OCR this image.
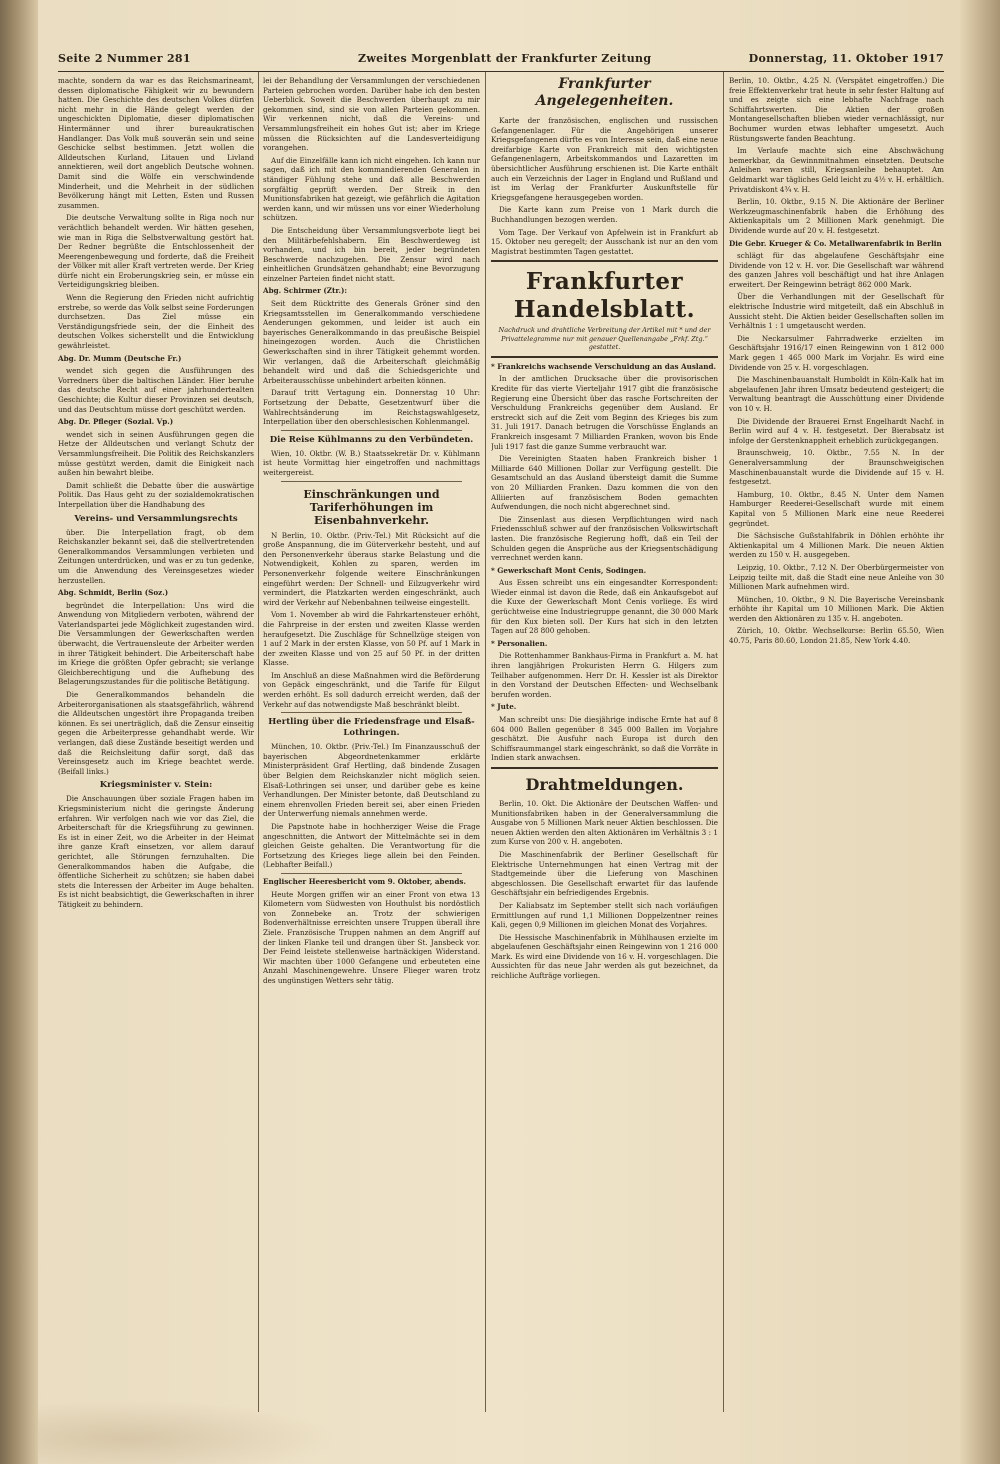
Seite 2 Nummer 281	Zweites Morgenblatt der Frankfurter Zeitung	Donnerstag, 11. Oktober 1917

machte, sondern da war es das Reichsmarineamt, dessen diplomatische Fähigkeit wir zu bewundern hatten. Die Geschichte des deutschen Volkes dürfen nicht mehr in die Hände gelegt werden der ungeschickten Diplomatie, dieser diplomatischen Hintermänner und ihrer bureaukratischen Handlanger. Das Volk muß souverän sein und seine Geschicke selbst bestimmen. Jetzt wollen die Alldeutschen Kurland, Litauen und Livland annektieren, weil dort angeblich Deutsche wohnen. Damit sind die Wölfe ein verschwindende Minderheit, und die Mehrheit in der südlichen Bevölkerung hängt mit Letten, Esten und Russen zusammen.

Die deutsche Verwaltung sollte in Riga noch nur verächtlich behandelt werden. Wir hätten gesehen, wie man in Riga die Selbstverwaltung gestört hat. Der Redner begrüßte die Entschlossenheit der Meerengenbewegung und forderte, daß die Freiheit der Völker mit aller Kraft vertreten werde. Der Krieg dürfe nicht ein Eroberungskrieg sein, er müsse ein Verteidigungskrieg bleiben.

Wenn die Regierung den Frieden nicht aufrichtig erstrebe, so werde das Volk selbst seine Forderungen durchsetzen. Das Ziel müsse ein Verständigungsfriede sein, der die Einheit des deutschen Volkes sicherstellt und die Entwicklung gewährleistet.

Abg. Dr. Mumm (Deutsche Fr.)

wendet sich gegen die Ausführungen des Vorredners über die baltischen Länder. Hier beruhe das deutsche Recht auf einer jahrhundertealten Geschichte; die Kultur dieser Provinzen sei deutsch, und das Deutschtum müsse dort geschützt werden.

Abg. Dr. Pfleger (Sozial. Vp.)

wendet sich in seinen Ausführungen gegen die Hetze der Alldeutschen und verlangt Schutz der Versammlungsfreiheit. Die Politik des Reichskanzlers müsse gestützt werden, damit die Einigkeit nach außen hin bewahrt bleibe.

Damit schließt die Debatte über die auswärtige Politik. Das Haus geht zu der sozialdemokratischen Interpellation über die Handhabung des

Vereins- und Versammlungsrechts

über. Die Interpellation fragt, ob dem Reichskanzler bekannt sei, daß die stellvertretenden Generalkommandos Versammlungen verbieten und Zeitungen unterdrücken, und was er zu tun gedenke, um die Anwendung des Vereinsgesetzes wieder herzustellen.

Abg. Schmidt, Berlin (Soz.)

begründet die Interpellation: Uns wird die Anwendung von Mitgliedern verboten, während der Vaterlandspartei jede Möglichkeit zugestanden wird. Die Versammlungen der Gewerkschaften werden überwacht, die Vertrauensleute der Arbeiter werden in ihrer Tätigkeit behindert. Die Arbeiterschaft habe im Kriege die größten Opfer gebracht; sie verlange Gleichberechtigung und die Aufhebung des Belagerungszustandes für die politische Betätigung.

Die Generalkommandos behandeln die Arbeiterorganisationen als staatsgefährlich, während die Alldeutschen ungestört ihre Propaganda treiben können. Es sei unerträglich, daß die Zensur einseitig gegen die Arbeiterpresse gehandhabt werde. Wir verlangen, daß diese Zustände beseitigt werden und daß die Reichsleitung dafür sorgt, daß das Vereinsgesetz auch im Kriege beachtet werde. (Beifall links.)

Kriegsminister v. Stein:

Die Anschauungen über soziale Fragen haben im Kriegsministerium nicht die geringste Änderung erfahren. Wir verfolgen nach wie vor das Ziel, die Arbeiterschaft für die Kriegsführung zu gewinnen. Es ist in einer Zeit, wo die Arbeiter in der Heimat ihre ganze Kraft einsetzen, vor allem darauf gerichtet, alle Störungen fernzuhalten. Die Generalkommandos haben die Aufgabe, die öffentliche Sicherheit zu schützen; sie haben dabei stets die Interessen der Arbeiter im Auge behalten. Es ist nicht beabsichtigt, die Gewerkschaften in ihrer Tätigkeit zu behindern.

lei der Behandlung der Versammlungen der verschiedenen Parteien gebrochen worden. Darüber habe ich den besten Ueberblick. Soweit die Beschwerden überhaupt zu mir gekommen sind, sind sie von allen Parteien gekommen. Wir verkennen nicht, daß die Vereins- und Versammlungsfreiheit ein hohes Gut ist; aber im Kriege müssen die Rücksichten auf die Landesverteidigung vorangehen.

Auf die Einzelfälle kann ich nicht eingehen. Ich kann nur sagen, daß ich mit den kommandierenden Generalen in ständiger Fühlung stehe und daß alle Beschwerden sorgfältig geprüft werden. Der Streik in den Munitionsfabriken hat gezeigt, wie gefährlich die Agitation werden kann, und wir müssen uns vor einer Wiederholung schützen.

Die Entscheidung über Versammlungsverbote liegt bei den Militärbefehlshabern. Ein Beschwerdeweg ist vorhanden, und ich bin bereit, jeder begründeten Beschwerde nachzugehen. Die Zensur wird nach einheitlichen Grundsätzen gehandhabt; eine Bevorzugung einzelner Parteien findet nicht statt.

Abg. Schirmer (Ztr.):

Seit dem Rücktritte des Generals Gröner sind den Kriegsamtsstellen im Generalkommando verschiedene Aenderungen gekommen, und leider ist auch ein bayerisches Generalkommando in das preußische Beispiel hineingezogen worden. Auch die Christlichen Gewerkschaften sind in ihrer Tätigkeit gehemmt worden. Wir verlangen, daß die Arbeiterschaft gleichmäßig behandelt wird und daß die Schiedsgerichte und Arbeiterausschüsse unbehindert arbeiten können.

Darauf tritt Vertagung ein. Donnerstag 10 Uhr: Fortsetzung der Debatte, Gesetzentwurf über die Wahlrechtsänderung im Reichstagswahlgesetz, Interpellation über den oberschlesischen Kohlenmangel.

Die Reise Kühlmanns zu den Verbündeten.

Wien, 10. Oktbr. (W. B.) Staatssekretär Dr. v. Kühlmann ist heute Vormittag hier eingetroffen und nachmittags weitergereist.

Einschränkungen und Tariferhöhungen im Eisenbahnverkehr.

N Berlin, 10. Oktbr. (Priv.-Tel.) Mit Rücksicht auf die große Anspannung, die im Güterverkehr besteht, und auf den Personenverkehr überaus starke Belastung und die Notwendigkeit, Kohlen zu sparen, werden im Personenverkehr folgende weitere Einschränkungen eingeführt werden: Der Schnell- und Eilzugverkehr wird vermindert, die Platzkarten werden eingeschränkt, auch wird der Verkehr auf Nebenbahnen teilweise eingestellt.

Vom 1. November ab wird die Fahrkartensteuer erhöht, die Fahrpreise in der ersten und zweiten Klasse werden heraufgesetzt. Die Zuschläge für Schnellzüge steigen von 1 auf 2 Mark in der ersten Klasse, von 50 Pf. auf 1 Mark in der zweiten Klasse und von 25 auf 50 Pf. in der dritten Klasse.

Im Anschluß an diese Maßnahmen wird die Beförderung von Gepäck eingeschränkt, und die Tarife für Eilgut werden erhöht. Es soll dadurch erreicht werden, daß der Verkehr auf das notwendigste Maß beschränkt bleibt.

Hertling über die Friedensfrage und Elsaß-Lothringen.

München, 10. Oktbr. (Priv.-Tel.) Im Finanzausschuß der bayerischen Abgeordnetenkammer erklärte Ministerpräsident Graf Hertling, daß bindende Zusagen über Belgien dem Reichskanzler nicht möglich seien. Elsaß-Lothringen sei unser, und darüber gebe es keine Verhandlungen. Der Minister betonte, daß Deutschland zu einem ehrenvollen Frieden bereit sei, aber einen Frieden der Unterwerfung niemals annehmen werde.

Die Papstnote habe in hochherziger Weise die Frage angeschnitten, die Antwort der Mittelmächte sei in dem gleichen Geiste gehalten. Die Verantwortung für die Fortsetzung des Krieges liege allein bei den Feinden. (Lebhafter Beifall.)

Englischer Heeresbericht vom 9. Oktober, abends.

Heute Morgen griffen wir an einer Front von etwa 13 Kilometern vom Südwesten von Houthulst bis nordöstlich von Zonnebeke an. Trotz der schwierigen Bodenverhältnisse erreichten unsere Truppen überall ihre Ziele. Französische Truppen nahmen an dem Angriff auf der linken Flanke teil und drangen über St. Jansbeck vor. Der Feind leistete stellenweise hartnäckigen Widerstand. Wir machten über 1000 Gefangene und erbeuteten eine Anzahl Maschinengewehre. Unsere Flieger waren trotz des ungünstigen Wetters sehr tätig.

Frankfurter Angelegenheiten.

Karte der französischen, englischen und russischen Gefangenenlager. Für die Angehörigen unserer Kriegsgefangenen dürfte es von Interesse sein, daß eine neue dreifarbige Karte von Frankreich mit den wichtigsten Gefangenenlagern, Arbeitskommandos und Lazaretten im übersichtlicher Ausführung erschienen ist. Die Karte enthält auch ein Verzeichnis der Lager in England und Rußland und ist im Verlag der Frankfurter Auskunftstelle für Kriegsgefangene herausgegeben worden.

Die Karte kann zum Preise von 1 Mark durch die Buchhandlungen bezogen werden.

Vom Tage. Der Verkauf von Apfelwein ist in Frankfurt ab 15. Oktober neu geregelt; der Ausschank ist nur an den vom Magistrat bestimmten Tagen gestattet.

Frankfurter Handelsblatt.
Nachdruck und drahtliche Verbreitung der Artikel mit * und der Privattelegramme nur mit genauer Quellenangabe „Frkf. Ztg.“ gestattet.

* Frankreichs wachsende Verschuldung an das Ausland.

In der amtlichen Drucksache über die provisorischen Kredite für das vierte Vierteljahr 1917 gibt die französische Regierung eine Übersicht über das rasche Fortschreiten der Verschuldung Frankreichs gegenüber dem Ausland. Er erstreckt sich auf die Zeit vom Beginn des Krieges bis zum 31. Juli 1917. Danach betrugen die Vorschüsse Englands an Frankreich insgesamt 7 Milliarden Franken, wovon bis Ende Juli 1917 fast die ganze Summe verbraucht war.

Die Vereinigten Staaten haben Frankreich bisher 1 Milliarde 640 Millionen Dollar zur Verfügung gestellt. Die Gesamtschuld an das Ausland übersteigt damit die Summe von 20 Milliarden Franken. Dazu kommen die von den Alliierten auf französischem Boden gemachten Aufwendungen, die noch nicht abgerechnet sind.

Die Zinsenlast aus diesen Verpflichtungen wird nach Friedensschluß schwer auf der französischen Volkswirtschaft lasten. Die französische Regierung hofft, daß ein Teil der Schulden gegen die Ansprüche aus der Kriegsentschädigung verrechnet werden kann.

* Gewerkschaft Mont Cenis, Sodingen.

Aus Essen schreibt uns ein eingesandter Korrespondent: Wieder einmal ist davon die Rede, daß ein Ankaufsgebot auf die Kuxe der Gewerkschaft Mont Cenis vorliege. Es wird gerüchtweise eine Industriegruppe genannt, die 30 000 Mark für den Kux bieten soll. Der Kurs hat sich in den letzten Tagen auf 28 800 gehoben.

* Personalien.

Die Rottenhammer Bankhaus-Firma in Frankfurt a. M. hat ihren langjährigen Prokuristen Herrn G. Hilgers zum Teilhaber aufgenommen. Herr Dr. H. Kessler ist als Direktor in den Vorstand der Deutschen Effecten- und Wechselbank berufen worden.

* Jute.

Man schreibt uns: Die diesjährige indische Ernte hat auf 8 604 000 Ballen gegenüber 8 345 000 Ballen im Vorjahre geschätzt. Die Ausfuhr nach Europa ist durch den Schiffsraummangel stark eingeschränkt, so daß die Vorräte in Indien stark anwachsen.

Drahtmeldungen.

Berlin, 10. Okt. Die Aktionäre der Deutschen Waffen- und Munitionsfabriken haben in der Generalversammlung die Ausgabe von 5 Millionen Mark neuer Aktien beschlossen. Die neuen Aktien werden den alten Aktionären im Verhältnis 3 : 1 zum Kurse von 200 v. H. angeboten.

Die Maschinenfabrik der Berliner Gesellschaft für Elektrische Unternehmungen hat einen Vertrag mit der Stadtgemeinde über die Lieferung von Maschinen abgeschlossen. Die Gesellschaft erwartet für das laufende Geschäftsjahr ein befriedigendes Ergebnis.

Der Kaliabsatz im September stellt sich nach vorläufigen Ermittlungen auf rund 1,1 Millionen Doppelzentner reines Kali, gegen 0,9 Millionen im gleichen Monat des Vorjahres.

Die Hessische Maschinenfabrik in Mühlhausen erzielte im abgelaufenen Geschäftsjahr einen Reingewinn von 1 216 000 Mark. Es wird eine Dividende von 16 v. H. vorgeschlagen. Die Aussichten für das neue Jahr werden als gut bezeichnet, da reichliche Aufträge vorliegen.

Berlin, 10. Oktbr., 4.25 N. (Verspätet eingetroffen.) Die freie Effektenverkehr trat heute in sehr fester Haltung auf und es zeigte sich eine lebhafte Nachfrage nach Schiffahrtswerten. Die Aktien der großen Montangesellschaften blieben wieder vernachlässigt, nur Bochumer wurden etwas lebhafter umgesetzt. Auch Rüstungswerte fanden Beachtung.

Im Verlaufe machte sich eine Abschwächung bemerkbar, da Gewinnmitnahmen einsetzten. Deutsche Anleihen waren still, Kriegsanleihe behauptet. Am Geldmarkt war tägliches Geld leicht zu 4½ v. H. erhältlich. Privatdiskont 4¾ v. H.

Berlin, 10. Oktbr., 9.15 N. Die Aktionäre der Berliner Werkzeugmaschinenfabrik haben die Erhöhung des Aktienkapitals um 2 Millionen Mark genehmigt. Die Dividende wurde auf 20 v. H. festgesetzt.

Die Gebr. Krueger & Co. Metallwarenfabrik in Berlin

schlägt für das abgelaufene Geschäftsjahr eine Dividende von 12 v. H. vor. Die Gesellschaft war während des ganzen Jahres voll beschäftigt und hat ihre Anlagen erweitert. Der Reingewinn beträgt 862 000 Mark.

Über die Verhandlungen mit der Gesellschaft für elektrische Industrie wird mitgeteilt, daß ein Abschluß in Aussicht steht. Die Aktien beider Gesellschaften sollen im Verhältnis 1 : 1 umgetauscht werden.

Die Neckarsulmer Fahrradwerke erzielten im Geschäftsjahr 1916/17 einen Reingewinn von 1 812 000 Mark gegen 1 465 000 Mark im Vorjahr. Es wird eine Dividende von 25 v. H. vorgeschlagen.

Die Maschinenbauanstalt Humboldt in Köln-Kalk hat im abgelaufenen Jahr ihren Umsatz bedeutend gesteigert; die Verwaltung beantragt die Ausschüttung einer Dividende von 10 v. H.

Die Dividende der Brauerei Ernst Engelhardt Nachf. in Berlin wird auf 4 v. H. festgesetzt. Der Bierabsatz ist infolge der Gerstenknappheit erheblich zurückgegangen.

Braunschweig, 10. Oktbr., 7.55 N. In der Generalversammlung der Braunschweigischen Maschinenbauanstalt wurde die Dividende auf 15 v. H. festgesetzt.

Hamburg, 10. Oktbr., 8.45 N. Unter dem Namen Hamburger Reederei-Gesellschaft wurde mit einem Kapital von 5 Millionen Mark eine neue Reederei gegründet.

Die Sächsische Gußstahlfabrik in Döhlen erhöhte ihr Aktienkapital um 4 Millionen Mark. Die neuen Aktien werden zu 150 v. H. ausgegeben.

Leipzig, 10. Oktbr., 7.12 N. Der Oberbürgermeister von Leipzig teilte mit, daß die Stadt eine neue Anleihe von 30 Millionen Mark aufnehmen wird.

München, 10. Oktbr., 9 N. Die Bayerische Vereinsbank erhöhte ihr Kapital um 10 Millionen Mark. Die Aktien werden den Aktionären zu 135 v. H. angeboten.

Zürich, 10. Oktbr. Wechselkurse: Berlin 65.50, Wien 40.75, Paris 80.60, London 21.85, New York 4.40.
